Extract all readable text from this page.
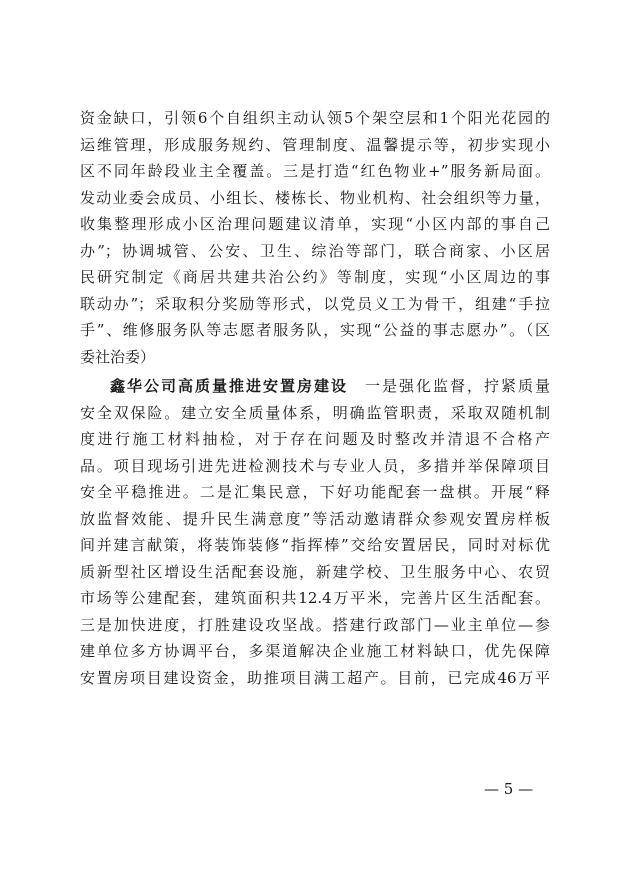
资金缺口，引领6个自组织主动认领5个架空层和1个阳光花园的
运维管理，形成服务规约、管理制度、温馨提示等，初步实现小
区不同年龄段业主全覆盖。三是打造“红色物业+”服务新局面。
发动业委会成员、小组长、楼栋长、物业机构、社会组织等力量，
收集整理形成小区治理问题建议清单，实现“小区内部的事自己
办”；协调城管、公安、卫生、综治等部门，联合商家、小区居
民研究制定《商居共建共治公约》等制度，实现“小区周边的事
联动办”；采取积分奖励等形式，以党员义工为骨干，组建“手拉
手”、维修服务队等志愿者服务队，实现“公益的事志愿办”。（区
委社治委）
鑫华公司高质量推进安置房建设  一是强化监督，拧紧质量
安全双保险。建立安全质量体系，明确监管职责，采取双随机制
度进行施工材料抽检，对于存在问题及时整改并清退不合格产
品。项目现场引进先进检测技术与专业人员，多措并举保障项目
安全平稳推进。二是汇集民意，下好功能配套一盘棋。开展“释
放监督效能、提升民生满意度”等活动邀请群众参观安置房样板
间并建言献策，将装饰装修“指挥棒”交给安置居民，同时对标优
质新型社区增设生活配套设施，新建学校、卫生服务中心、农贸
市场等公建配套，建筑面积共12.4万平米，完善片区生活配套。
三是加快进度，打胜建设攻坚战。搭建行政部门—业主单位—参
建单位多方协调平台，多渠道解决企业施工材料缺口，优先保障
安置房项目建设资金，助推项目满工超产。目前，已完成46万平
— 5 —
